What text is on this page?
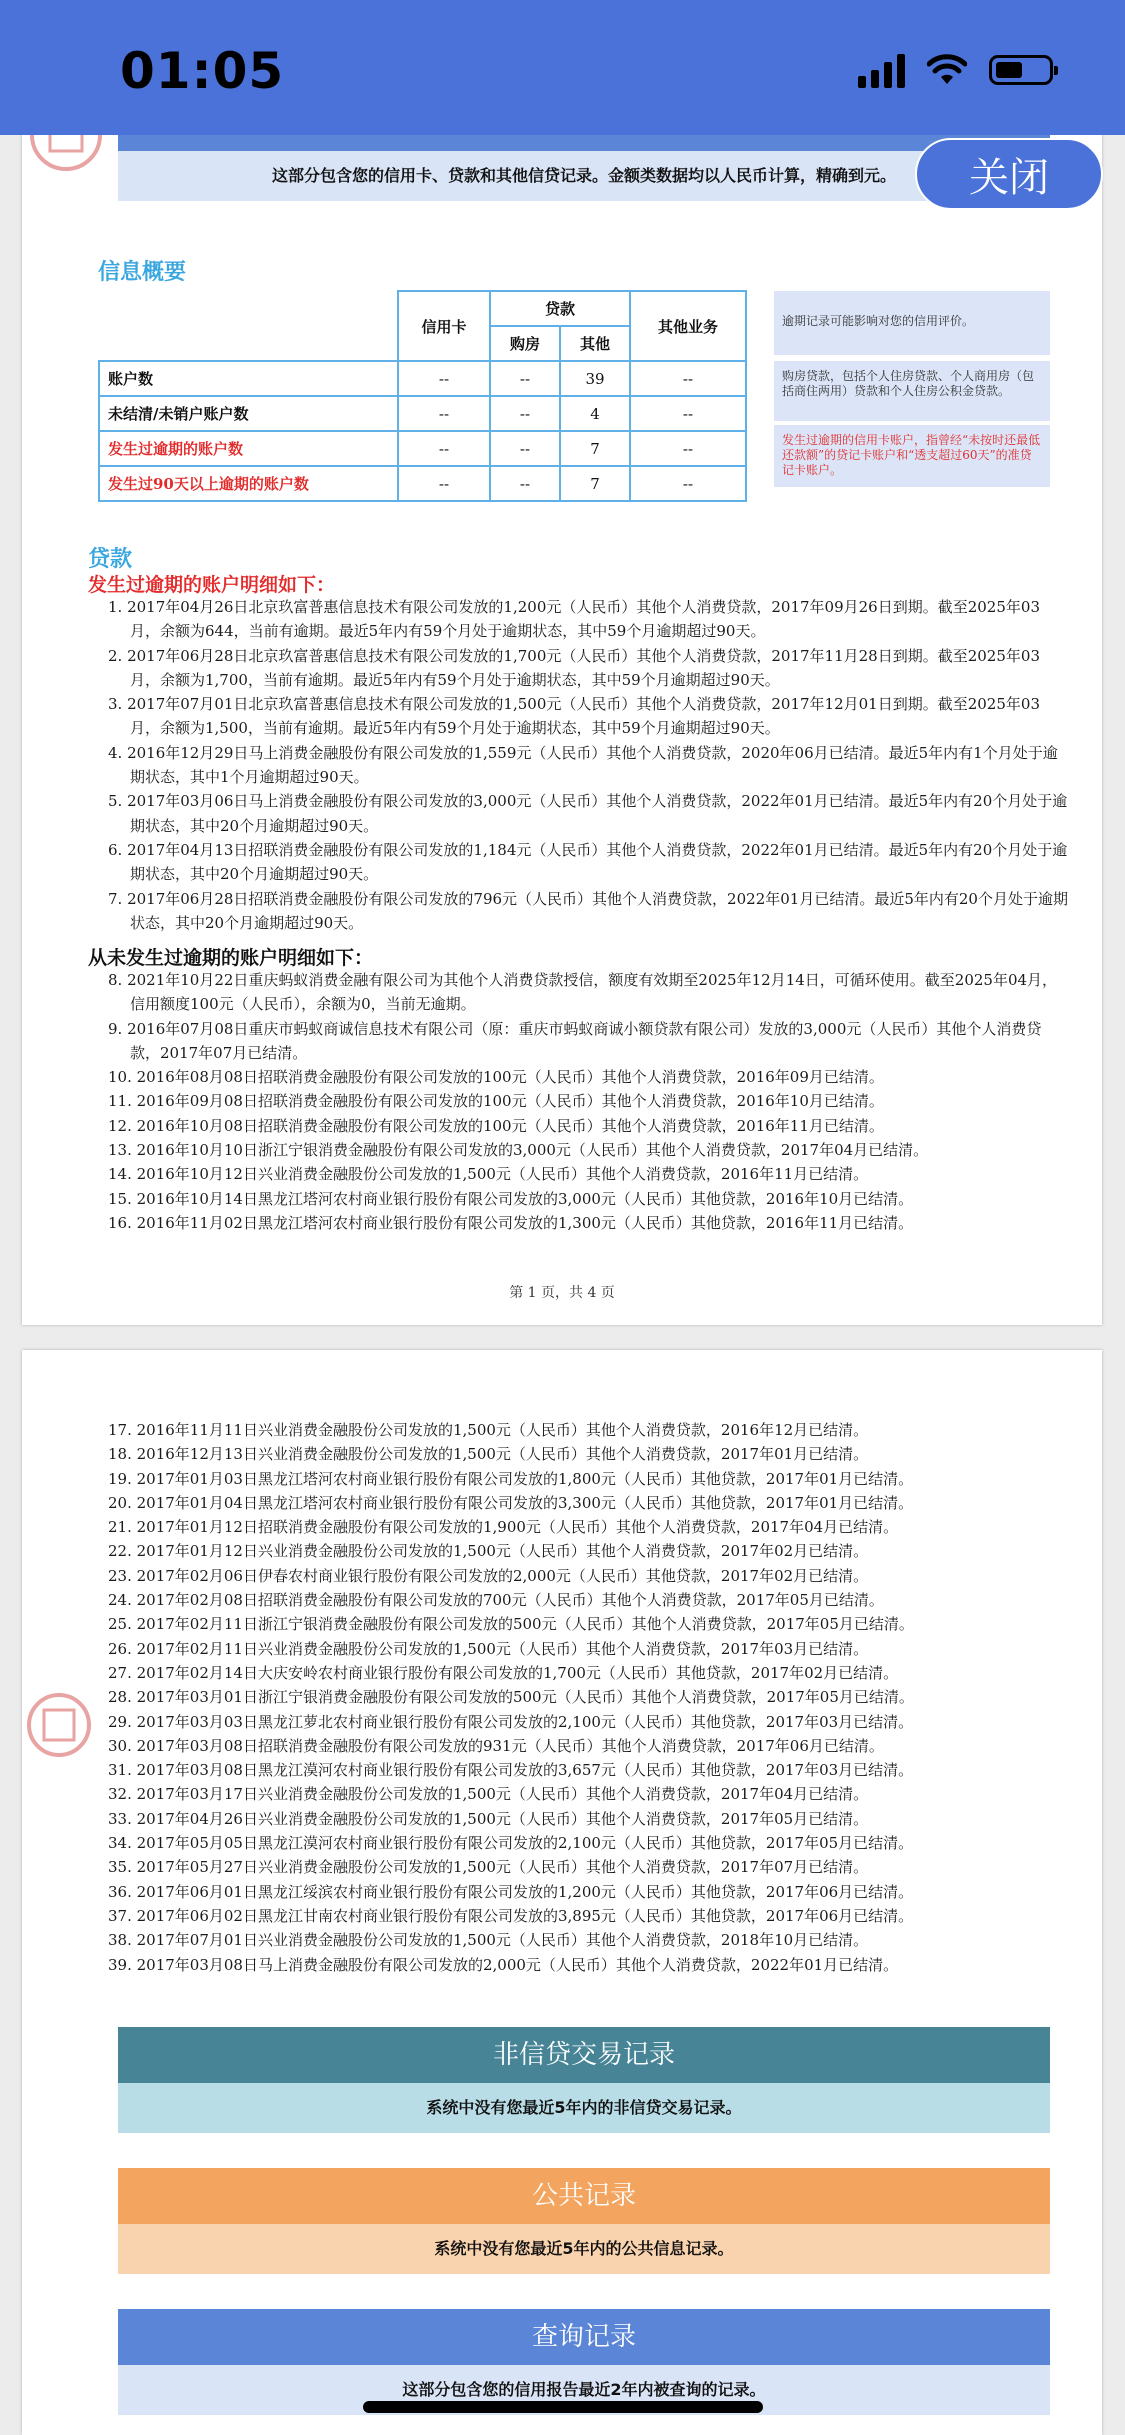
01:05
关闭
这部分包含您的信用卡、贷款和其他信贷记录。金额类数据均以人民币计算，精确到元。
信息概要
	信用卡	贷款		其他业务
		购房	其他	
账户数	--	--	39	--
未结清/未销户账户数	--	--	4	--
发生过逾期的账户数	--	--	7	--
发生过90天以上逾期的账户数	--	--	7	--
逾期记录可能影响对您的信用评价。
购房贷款，包括个人住房贷款、个人商用房（包括商住两用）贷款和个人住房公积金贷款。
发生过逾期的信用卡账户，指曾经“未按时还最低还款额”的贷记卡账户和“透支超过60天”的准贷记卡账户。
贷款
发生过逾期的账户明细如下：
1. 2017年04月26日北京玖富普惠信息技术有限公司发放的1,200元（人民币）其他个人消费贷款，2017年09月26日到期。截至2025年03月，余额为644，当前有逾期。最近5年内有59个月处于逾期状态，其中59个月逾期超过90天。
2. 2017年06月28日北京玖富普惠信息技术有限公司发放的1,700元（人民币）其他个人消费贷款，2017年11月28日到期。截至2025年03月，余额为1,700，当前有逾期。最近5年内有59个月处于逾期状态，其中59个月逾期超过90天。
3. 2017年07月01日北京玖富普惠信息技术有限公司发放的1,500元（人民币）其他个人消费贷款，2017年12月01日到期。截至2025年03月，余额为1,500，当前有逾期。最近5年内有59个月处于逾期状态，其中59个月逾期超过90天。
4. 2016年12月29日马上消费金融股份有限公司发放的1,559元（人民币）其他个人消费贷款，2020年06月已结清。最近5年内有1个月处于逾期状态，其中1个月逾期超过90天。
5. 2017年03月06日马上消费金融股份有限公司发放的3,000元（人民币）其他个人消费贷款，2022年01月已结清。最近5年内有20个月处于逾期状态，其中20个月逾期超过90天。
6. 2017年04月13日招联消费金融股份有限公司发放的1,184元（人民币）其他个人消费贷款，2022年01月已结清。最近5年内有20个月处于逾期状态，其中20个月逾期超过90天。
7. 2017年06月28日招联消费金融股份有限公司发放的796元（人民币）其他个人消费贷款，2022年01月已结清。最近5年内有20个月处于逾期状态，其中20个月逾期超过90天。
从未发生过逾期的账户明细如下：
8. 2021年10月22日重庆蚂蚁消费金融有限公司为其他个人消费贷款授信，额度有效期至2025年12月14日，可循环使用。截至2025年04月，信用额度100元（人民币），余额为0，当前无逾期。
9. 2016年07月08日重庆市蚂蚁商诚信息技术有限公司（原：重庆市蚂蚁商诚小额贷款有限公司）发放的3,000元（人民币）其他个人消费贷款，2017年07月已结清。
10. 2016年08月08日招联消费金融股份有限公司发放的100元（人民币）其他个人消费贷款，2016年09月已结清。
11. 2016年09月08日招联消费金融股份有限公司发放的100元（人民币）其他个人消费贷款，2016年10月已结清。
12. 2016年10月08日招联消费金融股份有限公司发放的100元（人民币）其他个人消费贷款，2016年11月已结清。
13. 2016年10月10日浙江宁银消费金融股份有限公司发放的3,000元（人民币）其他个人消费贷款，2017年04月已结清。
14. 2016年10月12日兴业消费金融股份公司发放的1,500元（人民币）其他个人消费贷款，2016年11月已结清。
15. 2016年10月14日黑龙江塔河农村商业银行股份有限公司发放的3,000元（人民币）其他贷款，2016年10月已结清。
16. 2016年11月02日黑龙江塔河农村商业银行股份有限公司发放的1,300元（人民币）其他贷款，2016年11月已结清。
第 1 页，共 4 页
17. 2016年11月11日兴业消费金融股份公司发放的1,500元（人民币）其他个人消费贷款，2016年12月已结清。
18. 2016年12月13日兴业消费金融股份公司发放的1,500元（人民币）其他个人消费贷款，2017年01月已结清。
19. 2017年01月03日黑龙江塔河农村商业银行股份有限公司发放的1,800元（人民币）其他贷款，2017年01月已结清。
20. 2017年01月04日黑龙江塔河农村商业银行股份有限公司发放的3,300元（人民币）其他贷款，2017年01月已结清。
21. 2017年01月12日招联消费金融股份有限公司发放的1,900元（人民币）其他个人消费贷款，2017年04月已结清。
22. 2017年01月12日兴业消费金融股份公司发放的1,500元（人民币）其他个人消费贷款，2017年02月已结清。
23. 2017年02月06日伊春农村商业银行股份有限公司发放的2,000元（人民币）其他贷款，2017年02月已结清。
24. 2017年02月08日招联消费金融股份有限公司发放的700元（人民币）其他个人消费贷款，2017年05月已结清。
25. 2017年02月11日浙江宁银消费金融股份有限公司发放的500元（人民币）其他个人消费贷款，2017年05月已结清。
26. 2017年02月11日兴业消费金融股份公司发放的1,500元（人民币）其他个人消费贷款，2017年03月已结清。
27. 2017年02月14日大庆安岭农村商业银行股份有限公司发放的1,700元（人民币）其他贷款，2017年02月已结清。
28. 2017年03月01日浙江宁银消费金融股份有限公司发放的500元（人民币）其他个人消费贷款，2017年05月已结清。
29. 2017年03月03日黑龙江萝北农村商业银行股份有限公司发放的2,100元（人民币）其他贷款，2017年03月已结清。
30. 2017年03月08日招联消费金融股份有限公司发放的931元（人民币）其他个人消费贷款，2017年06月已结清。
31. 2017年03月08日黑龙江漠河农村商业银行股份有限公司发放的3,657元（人民币）其他贷款，2017年03月已结清。
32. 2017年03月17日兴业消费金融股份公司发放的1,500元（人民币）其他个人消费贷款，2017年04月已结清。
33. 2017年04月26日兴业消费金融股份公司发放的1,500元（人民币）其他个人消费贷款，2017年05月已结清。
34. 2017年05月05日黑龙江漠河农村商业银行股份有限公司发放的2,100元（人民币）其他贷款，2017年05月已结清。
35. 2017年05月27日兴业消费金融股份公司发放的1,500元（人民币）其他个人消费贷款，2017年07月已结清。
36. 2017年06月01日黑龙江绥滨农村商业银行股份有限公司发放的1,200元（人民币）其他贷款，2017年06月已结清。
37. 2017年06月02日黑龙江甘南农村商业银行股份有限公司发放的3,895元（人民币）其他贷款，2017年06月已结清。
38. 2017年07月01日兴业消费金融股份公司发放的1,500元（人民币）其他个人消费贷款，2018年10月已结清。
39. 2017年03月08日马上消费金融股份有限公司发放的2,000元（人民币）其他个人消费贷款，2022年01月已结清。
非信贷交易记录
系统中没有您最近5年内的非信贷交易记录。
公共记录
系统中没有您最近5年内的公共信息记录。
查询记录
这部分包含您的信用报告最近2年内被查询的记录。
